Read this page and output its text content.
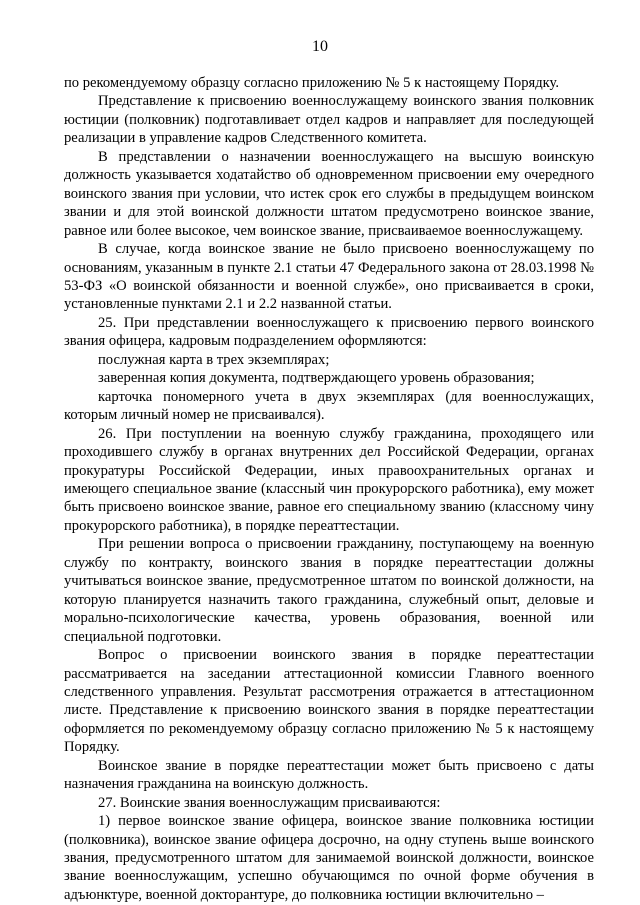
10

по рекомендуемому образцу согласно приложению № 5 к настоящему Порядку.

Представление к присвоению военнослужащему воинского звания полковник юстиции (полковник) подготавливает отдел кадров и направляет для последующей реализации в управление кадров Следственного комитета.

В представлении о назначении военнослужащего на высшую воинскую должность указывается ходатайство об одновременном присвоении ему очередного воинского звания при условии, что истек срок его службы в предыдущем воинском звании и для этой воинской должности штатом предусмотрено воинское звание, равное или более высокое, чем воинское звание, присваиваемое военнослужащему.

В случае, когда воинское звание не было присвоено военнослужащему по основаниям, указанным в пункте 2.1 статьи 47 Федерального закона от 28.03.1998 № 53-ФЗ «О воинской обязанности и военной службе», оно присваивается в сроки, установленные пунктами 2.1 и 2.2 названной статьи.

25. При представлении военнослужащего к присвоению первого воинского звания офицера, кадровым подразделением оформляются:

послужная карта в трех экземплярах;

заверенная копия документа, подтверждающего уровень образования;

карточка пономерного учета в двух экземплярах (для военнослужащих, которым личный номер не присваивался).

26. При поступлении на военную службу гражданина, проходящего или проходившего службу в органах внутренних дел Российской Федерации, органах прокуратуры Российской Федерации, иных правоохранительных органах и имеющего специальное звание (классный чин прокурорского работника), ему может быть присвоено воинское звание, равное его специальному званию (классному чину прокурорского работника), в порядке переаттестации.

При решении вопроса о присвоении гражданину, поступающему на военную службу по контракту, воинского звания в порядке переаттестации должны учитываться воинское звание, предусмотренное штатом по воинской должности, на которую планируется назначить такого гражданина, служебный опыт, деловые и морально-психологические качества, уровень образования, военной или специальной подготовки.

Вопрос о присвоении воинского звания в порядке переаттестации рассматривается на заседании аттестационной комиссии Главного военного следственного управления. Результат рассмотрения отражается в аттестационном листе. Представление к присвоению воинского звания в порядке переаттестации оформляется по рекомендуемому образцу согласно приложению № 5 к настоящему Порядку.

Воинское звание в порядке переаттестации может быть присвоено с даты назначения гражданина на воинскую должность.

27. Воинские звания военнослужащим присваиваются:

1) первое воинское звание офицера, воинское звание полковника юстиции (полковника), воинское звание офицера досрочно, на одну ступень выше воинского звания, предусмотренного штатом для занимаемой воинской должности, воинское звание военнослужащим, успешно обучающимся по очной форме обучения в адъюнктуре, военной докторантуре, до полковника юстиции включительно –
